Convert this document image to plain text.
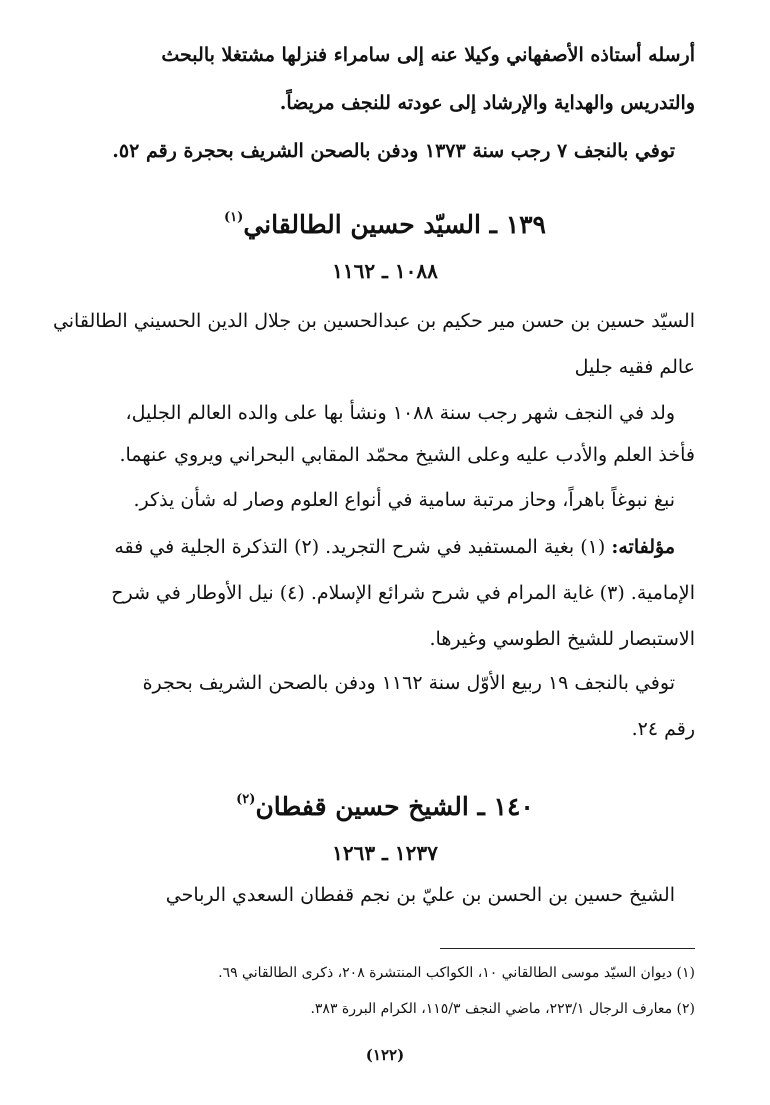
أرسله أستاذه الأصفهاني وكيلا عنه إلى سامراء فنزلها مشتغلا بالبحث
والتدريس والهداية والإرشاد إلى عودته للنجف مريضاً.
توفي بالنجف ۷ رجب سنة ۱۳۷۳ ودفن بالصحن الشريف بحجرة رقم ٥٢.
١٣٩ ـ السيّد حسين الطالقاني$^{(١)}$
١٠٨٨ ـ ١١٦٢
السيّد حسين بن حسن مير حكيم بن عبدالحسين بن جلال الدين الحسيني الطالقاني
عالم فقيه جليل
ولد في النجف شهر رجب سنة ١٠٨٨ ونشأ بها على والده العالم الجليل،
فأخذ العلم والأدب عليه وعلى الشيخ محمّد المقابي البحراني ويروي عنهما.
نبغ نبوغاً باهراً، وحاز مرتبة سامية في أنواع العلوم وصار له شأن يذكر.
مؤلفاته: (١) بغية المستفيد في شرح التجريد. (٢) التذكرة الجلية في فقه
الإمامية. (٣) غاية المرام في شرح شرائع الإسلام. (٤) نيل الأوطار في شرح
الاستبصار للشيخ الطوسي وغيرها.
توفي بالنجف ١٩ ربيع الأوّل سنة ١١٦٢ ودفن بالصحن الشريف بحجرة
رقم ٢٤.
١٤٠ ـ الشيخ حسين قفطان$^{(٢)}$
١٢٣٧ ـ ١٢٦٣
الشيخ حسين بن الحسن بن عليّ بن نجم قفطان السعدي الرباحي
(١) ديوان السيّد موسى الطالقاني ١٠، الكواكب المنتشرة ٢٠٨، ذكرى الطالقاني ٦٩.
(٢) معارف الرجال ٢٢٣/١، ماضي النجف ١١٥/٣، الكرام البررة ٣٨٣.
(١٢٢)
